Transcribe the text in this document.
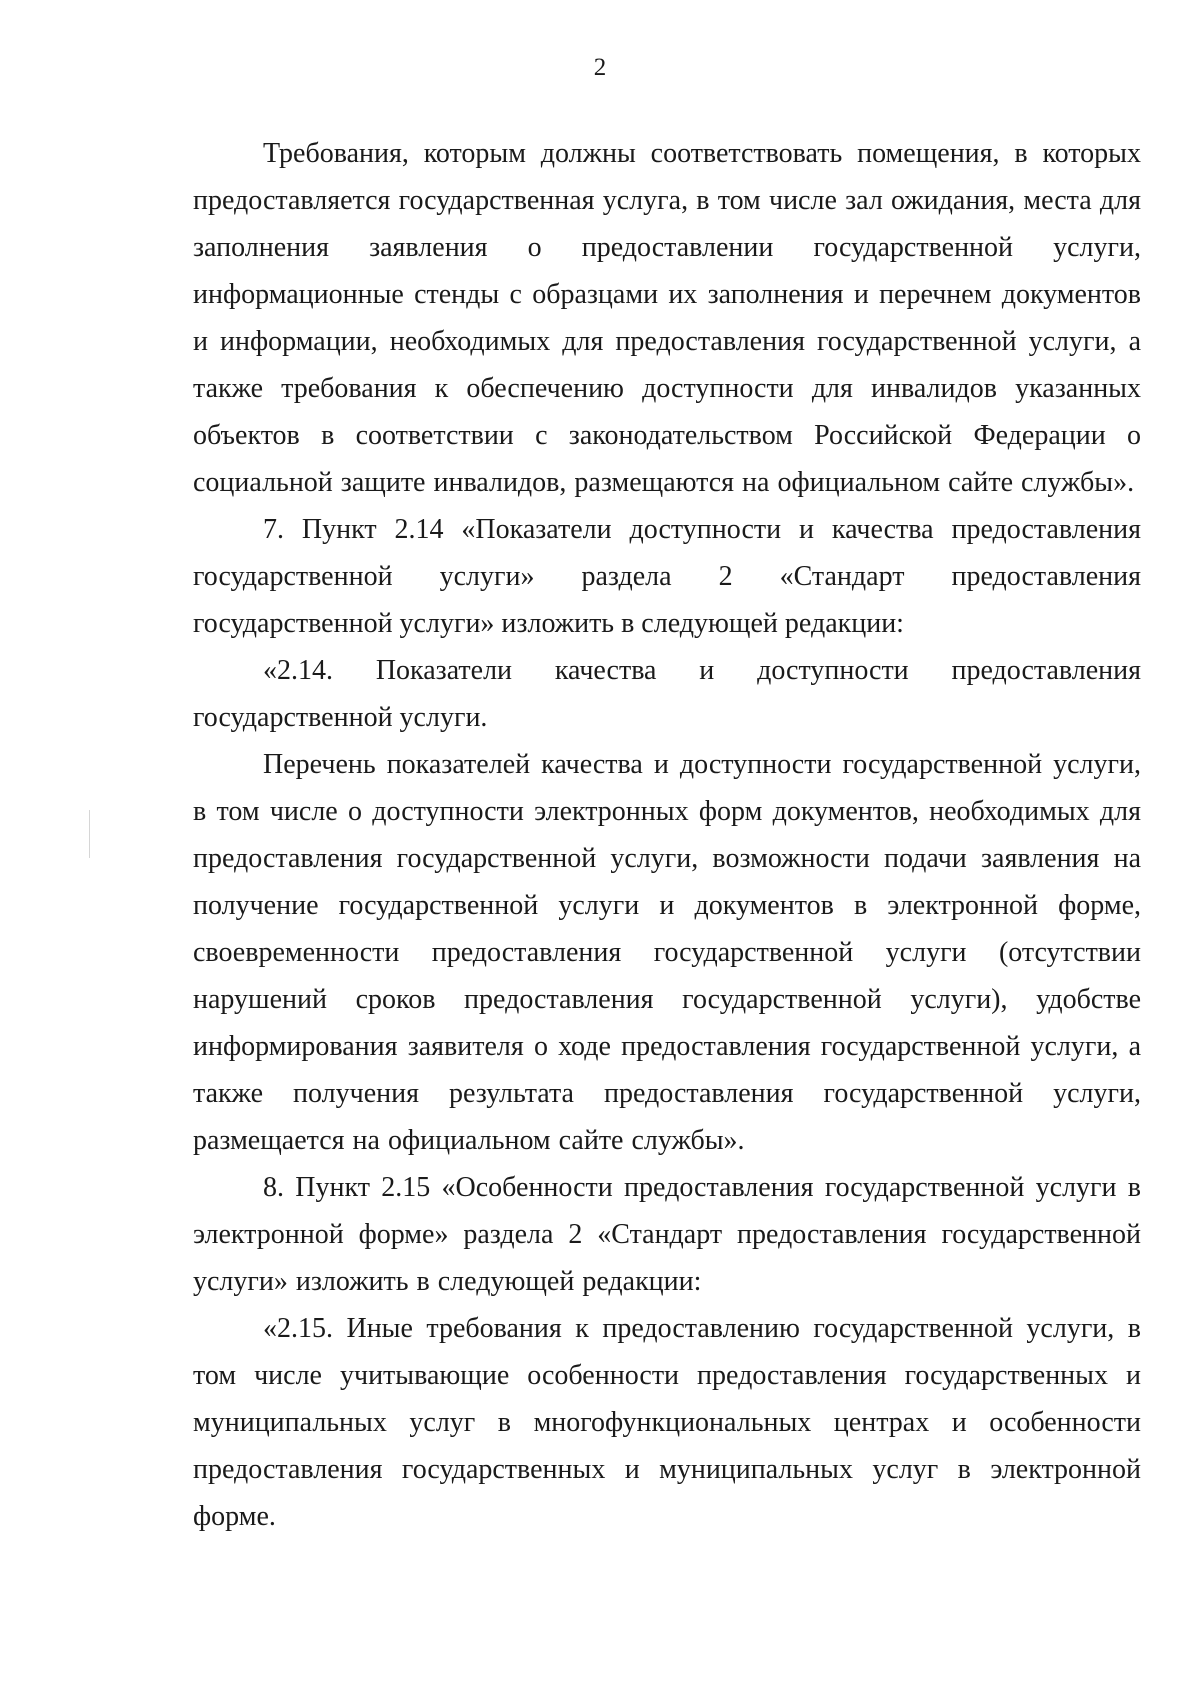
2

Требования, которым должны соответствовать помещения, в которых предоставляется государственная услуга, в том числе зал ожидания, места для заполнения заявления о предоставлении государственной услуги, информационные стенды с образцами их заполнения и перечнем документов и информации, необходимых для предоставления государственной услуги, а также требования к обеспечению доступности для инвалидов указанных объектов в соответствии с законодательством Российской Федерации о социальной защите инвалидов, размещаются на официальном сайте службы».

7. Пункт 2.14 «Показатели доступности и качества предоставления государственной услуги» раздела 2 «Стандарт предоставления государственной услуги» изложить в следующей редакции:

«2.14. Показатели качества и доступности предоставления государственной услуги.

Перечень показателей качества и доступности государственной услуги, в том числе о доступности электронных форм документов, необходимых для предоставления государственной услуги, возможности подачи заявления на получение государственной услуги и документов в электронной форме, своевременности предоставления государственной услуги (отсутствии нарушений сроков предоставления государственной услуги), удобстве информирования заявителя о ходе предоставления государственной услуги, а также получения результата предоставления государственной услуги, размещается на официальном сайте службы».

8. Пункт 2.15 «Особенности предоставления государственной услуги в электронной форме» раздела 2 «Стандарт предоставления государственной услуги» изложить в следующей редакции:

«2.15. Иные требования к предоставлению государственной услуги, в том числе учитывающие особенности предоставления государственных и муниципальных услуг в многофункциональных центрах и особенности предоставления государственных и муниципальных услуг в электронной форме.
